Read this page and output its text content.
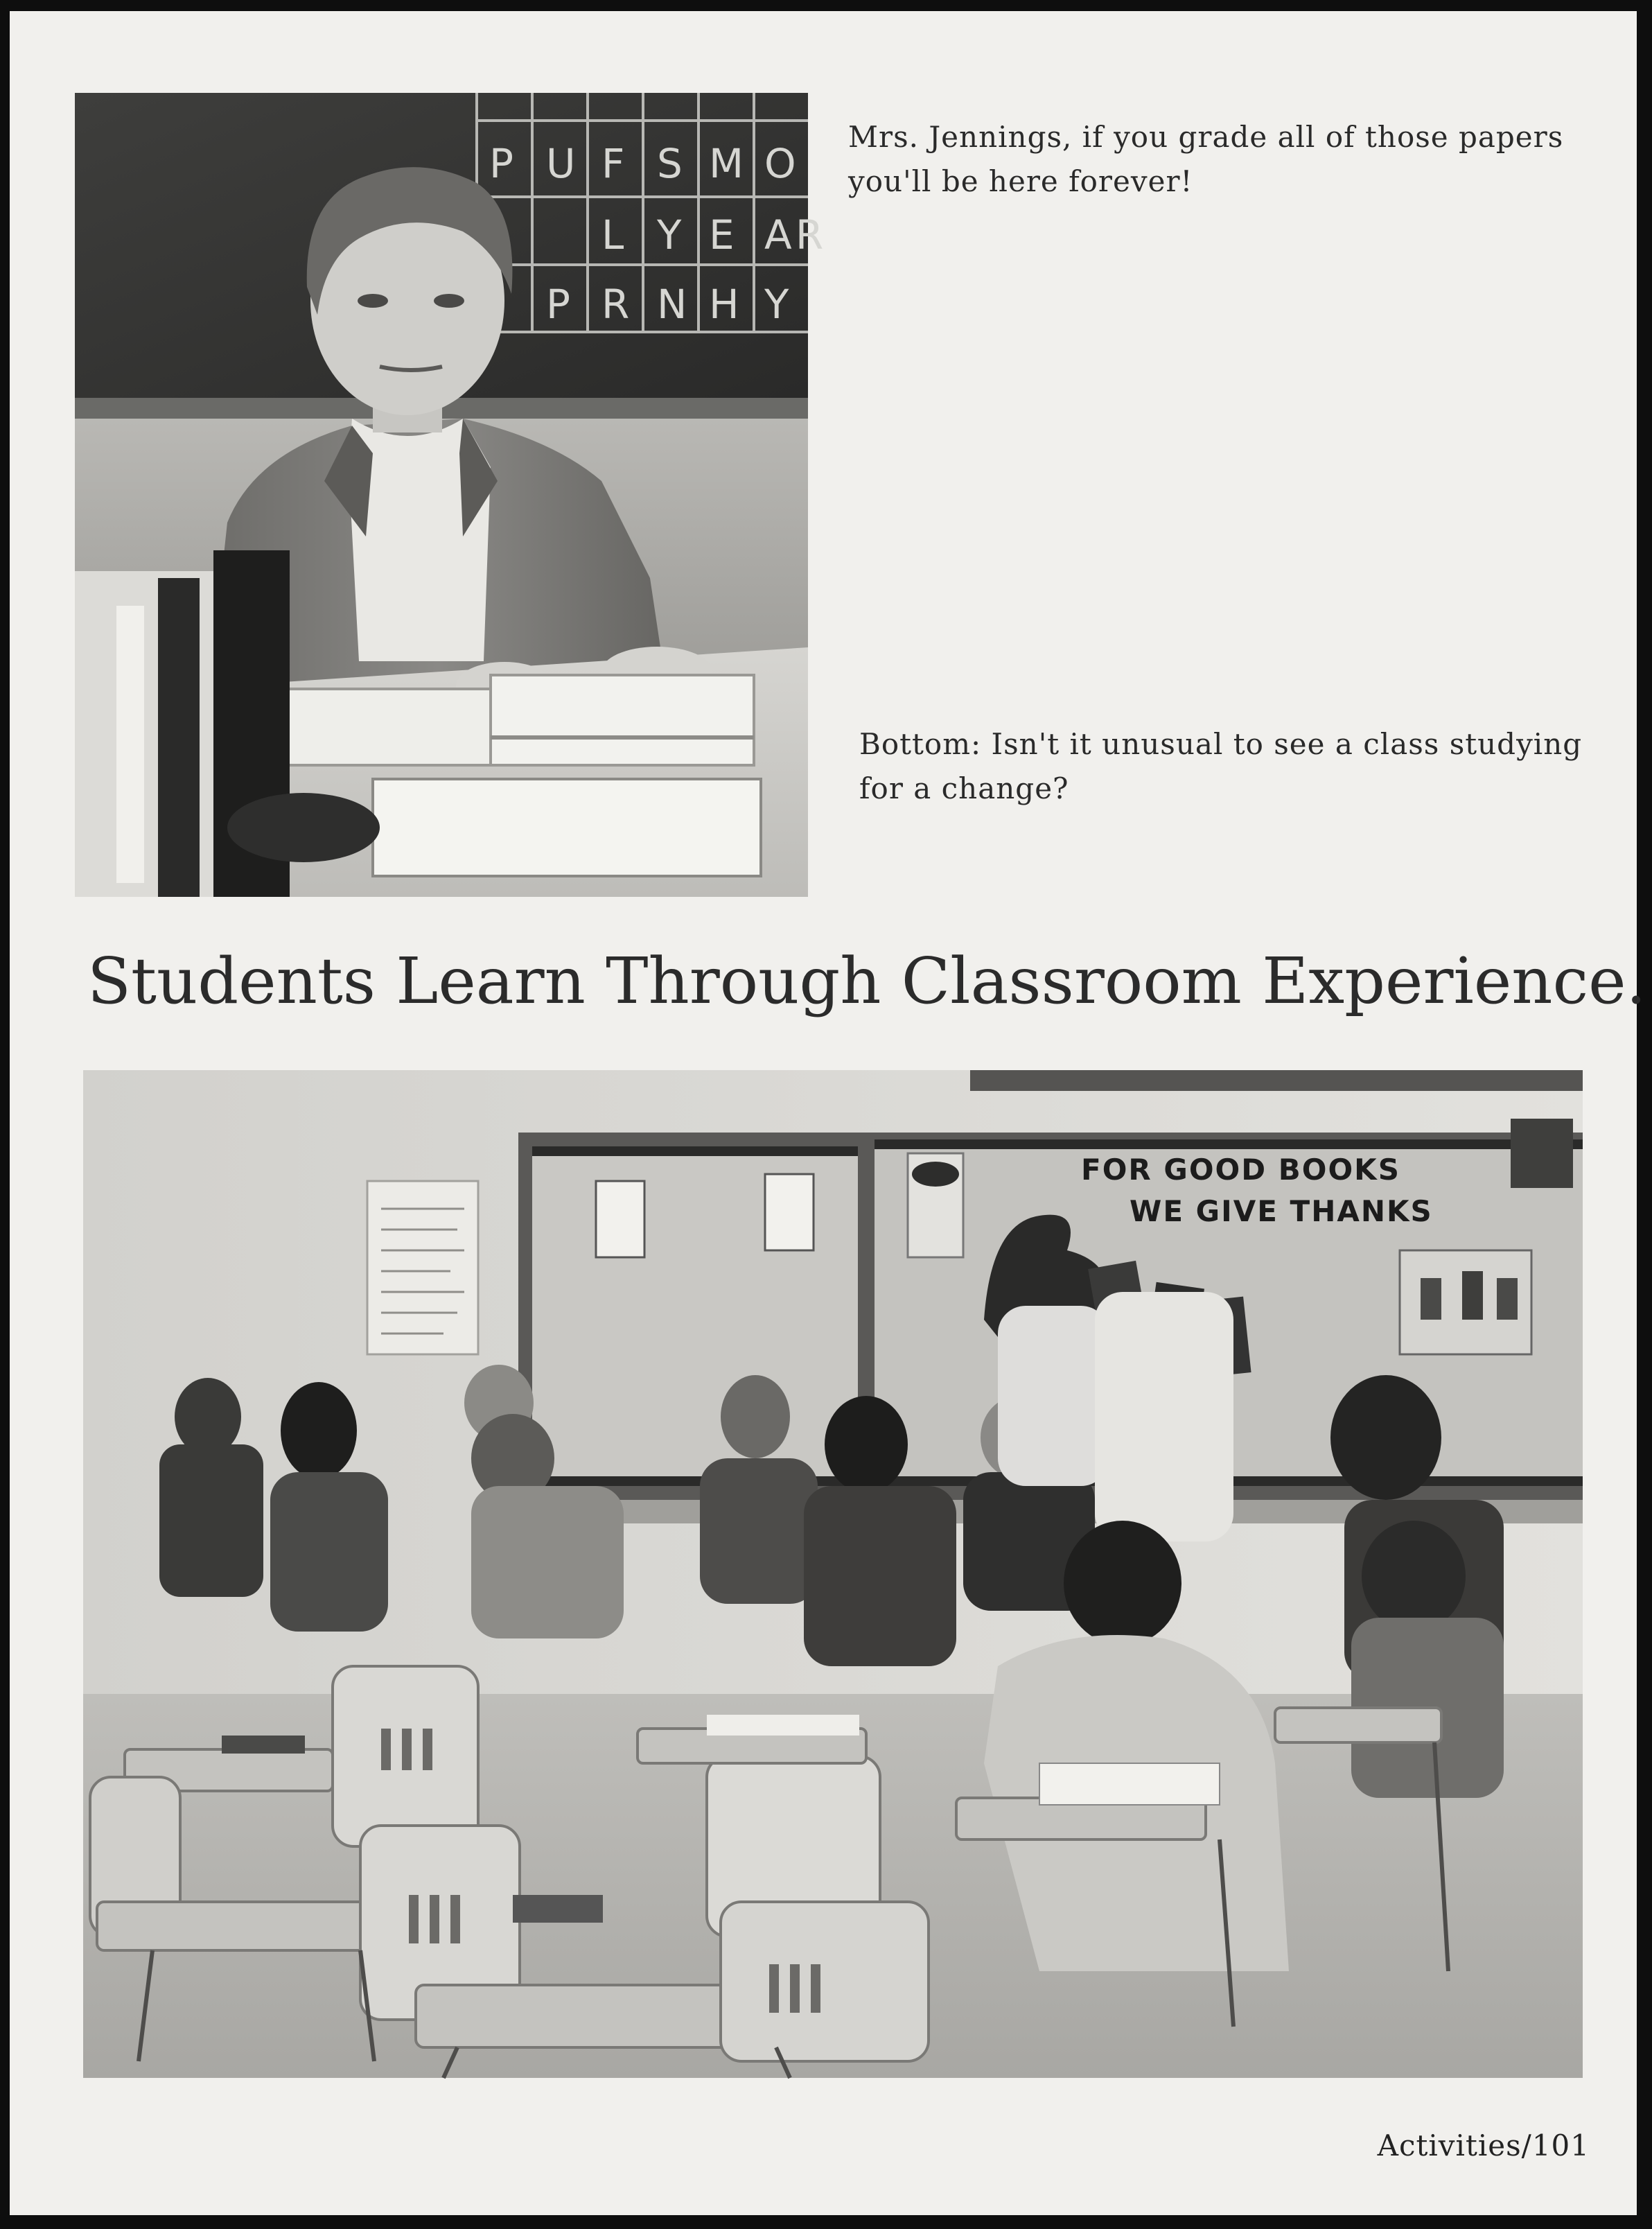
P U F S M O
L Y E A R
P R N H Y

Mrs. Jennings, if you grade all of those papers you'll be here forever!

Bottom: Isn't it unusual to see a class studying for a change?

Students Learn Through Classroom Experience.
FOR GOOD BOOKS
WE GIVE THANKS

Activities/101
